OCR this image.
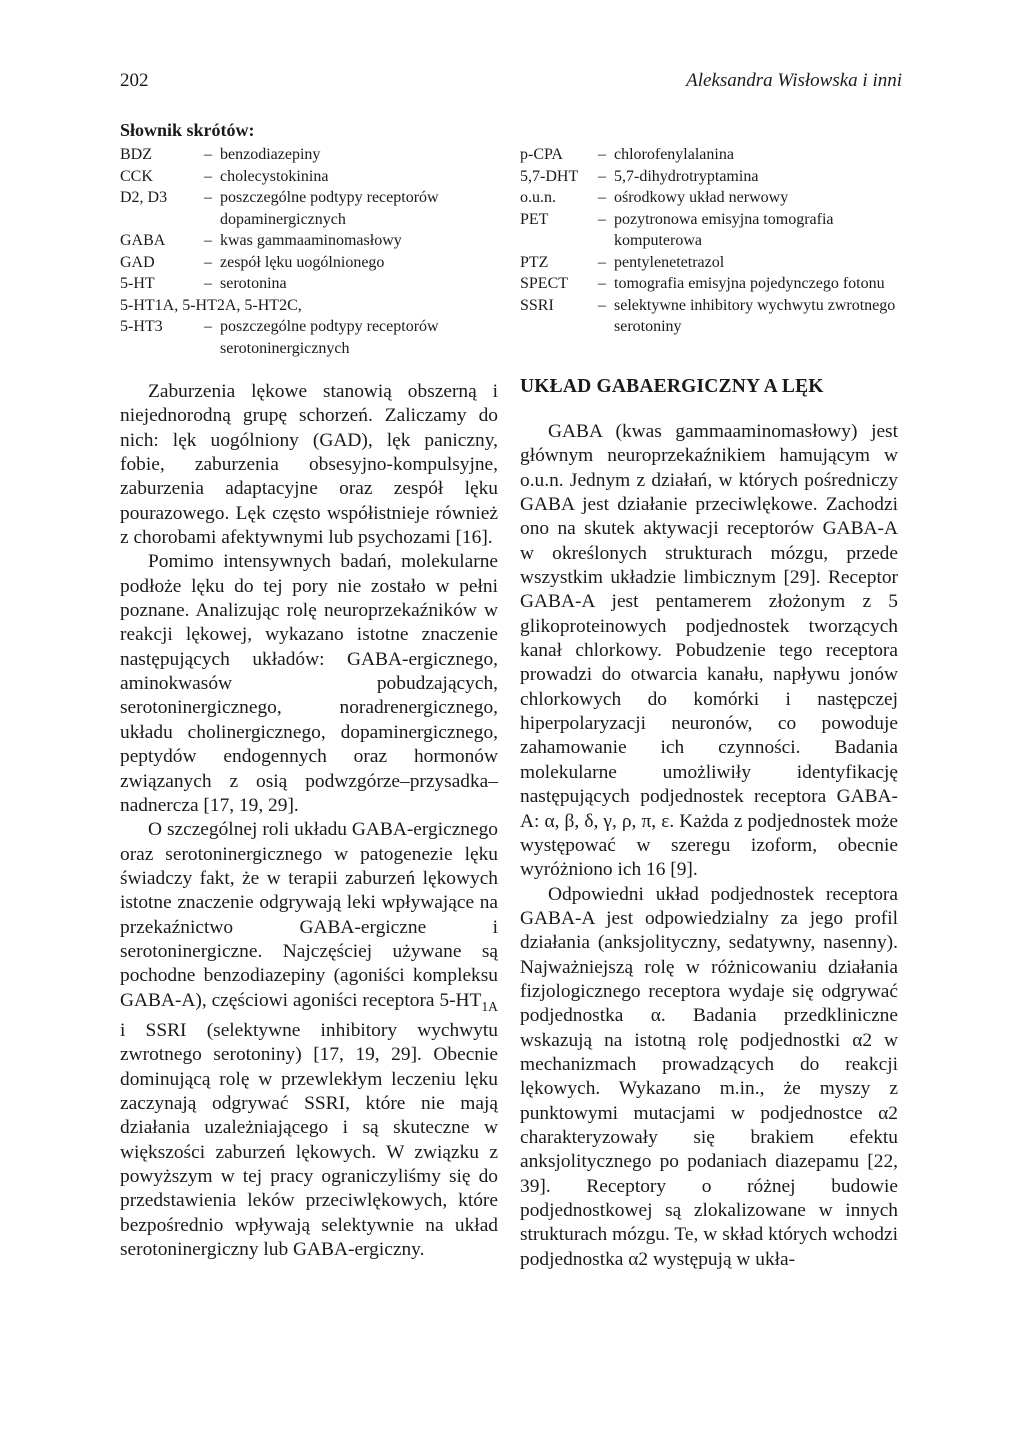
202	Aleksandra Wisłowska i inni
Słownik skrótów:
BDZ	– benzodiazepiny
CCK	– cholecystokinina
D2, D3	– poszczególne podtypy receptorów dopaminergicznych
GABA	– kwas gammaaminomasłowy
GAD	– zespół lęku uogólnionego
5-HT	– serotonina
5-HT1A, 5-HT2A, 5-HT2C,
5-HT3	– poszczególne podtypy receptorów serotoninergicznych
p-CPA	– chlorofenylalanina
5,7-DHT	– 5,7-dihydrotryptamina
o.u.n.	– ośrodkowy układ nerwowy
PET	– pozytronowa emisyjna tomografia komputerowa
PTZ	– pentylenetetrazol
SPECT	– tomografia emisyjna pojedynczego fotonu
SSRI	– selektywne inhibitory wychwytu zwrotnego serotoniny

Zaburzenia lękowe stanowią obszerną i niejednorodną grupę schorzeń. Zaliczamy do nich: lęk uogólniony (GAD), lęk paniczny, fobie, zaburzenia obsesyjno-kompulsyjne, zaburzenia adaptacyjne oraz zespół lęku pourazowego. Lęk często współistnieje również z chorobami afektywnymi lub psychozami [16].

Pomimo intensywnych badań, molekularne podłoże lęku do tej pory nie zostało w pełni poznane. Analizując rolę neuroprzekaźników w reakcji lękowej, wykazano istotne znaczenie następujących układów: GABA-ergicznego, aminokwasów pobudzających, serotoninergicznego, noradrenergicznego, układu cholinergicznego, dopaminergicznego, peptydów endogennych oraz hormonów związanych z osią podwzgórze–przysadka–nadnercza [17, 19, 29].

O szczególnej roli układu GABA-ergicznego oraz serotoninergicznego w patogenezie lęku świadczy fakt, że w terapii zaburzeń lękowych istotne znaczenie odgrywają leki wpływające na przekaźnictwo GABA-ergiczne i serotoninergiczne. Najczęściej używane są pochodne benzodiazepiny (agoniści kompleksu GABA-A), częściowi agoniści receptora $5-HT_{1A}$ i SSRI (selektywne inhibitory wychwytu zwrotnego serotoniny) [17, 19, 29]. Obecnie dominującą rolę w przewlekłym leczeniu lęku zaczynają odgrywać SSRI, które nie mają działania uzależniającego i są skuteczne w większości zaburzeń lękowych. W związku z powyższym w tej pracy ograniczyliśmy się do przedstawienia leków przeciwlękowych, które bezpośrednio wpływają selektywnie na układ serotoninergiczny lub GABA-ergiczny.

UKŁAD GABAERGICZNY A LĘK

GABA (kwas gammaaminomasłowy) jest głównym neuroprzekaźnikiem hamującym w o.u.n. Jednym z działań, w których pośredniczy GABA jest działanie przeciwlękowe. Zachodzi ono na skutek aktywacji receptorów GABA-A w określonych strukturach mózgu, przede wszystkim układzie limbicznym [29]. Receptor GABA-A jest pentamerem złożonym z 5 glikoproteinowych podjednostek tworzących kanał chlorkowy. Pobudzenie tego receptora prowadzi do otwarcia kanału, napływu jonów chlorkowych do komórki i następczej hiperpolaryzacji neuronów, co powoduje zahamowanie ich czynności. Badania molekularne umożliwiły identyfikację następujących podjednostek receptora GABA-A: α, β, δ, γ, ρ, π, ε. Każda z podjednostek może występować w szeregu izoform, obecnie wyróżniono ich 16 [9].

Odpowiedni układ podjednostek receptora GABA-A jest odpowiedzialny za jego profil działania (anksjolityczny, sedatywny, nasenny). Najważniejszą rolę w różnicowaniu działania fizjologicznego receptora wydaje się odgrywać podjednostka α. Badania przedkliniczne wskazują na istotną rolę podjednostki α2 w mechanizmach prowadzących do reakcji lękowych. Wykazano m.in., że myszy z punktowymi mutacjami w podjednostce α2 charakteryzowały się brakiem efektu anksjolitycznego po podaniach diazepamu [22, 39]. Receptory o różnej budowie podjednostkowej są zlokalizowane w innych strukturach mózgu. Te, w skład których wchodzi podjednostka α2 występują w ukła-
